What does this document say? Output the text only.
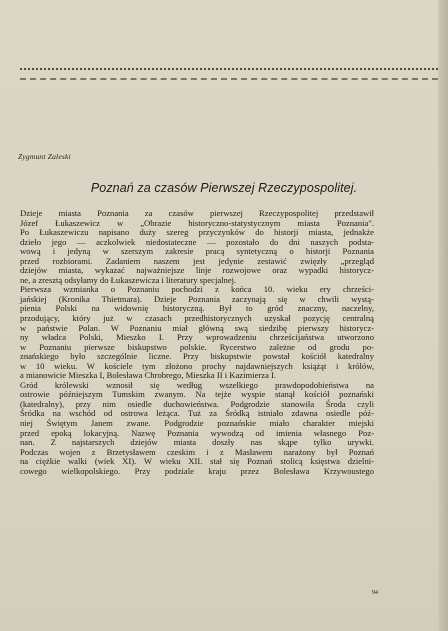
Zygmunt Zaleski
Poznań za czasów Pierwszej Rzeczypospolitej.
Dzieje miasta Poznania za czasów pierwszej Rzeczypospolitej przedstawił
Józef Łukaszewicz w „Obrazie historyczno-statystycznym miasta Poznania".
Po Łukaszewiczu napisano duży szereg przyczynków do historji miasta, jednakże
dzieło jego — aczkolwiek niedostateczne — pozostało do dni naszych podsta-
wową i jedyną w szerszym zakresie pracą syntetyczną o historji Poznania
przed rozbiorami. Zadaniem naszem jest jedynie zestawić zwięzły „przegląd
dziejów miasta, wykazać najważniejsze linje rozwojowe oraz wypadki historycz-
ne, a zresztą odsyłamy do Łukaszewicza i literatury specjalnej.
Pierwsza wzmianka o Poznaniu pochodzi z końca 10. wieku ery chrześci-
jańskiej (Kronika Thietmara). Dzieje Poznania zaczynają się w chwili wystą-
pienia Polski na widownię historyczną. Był to gród znaczny, naczelny,
przodujący, który już w czasach przedhistorycznych uzyskał pozycję centralną
w państwie Polan. W Poznaniu miał główną swą siedzibę pierwszy historycz-
ny władca Polski, Mieszko I. Przy wprowadzeniu chrześcijaństwa utworzono
w Poznaniu pierwsze biskupstwo polskie. Rycerstwo zależne od grodu po-
znańskiego było szczególnie liczne. Przy biskupstwie powstał kościół katedralny
w 10 wieku. W kościele tym złożono prochy najdawniejszych książąt i królów,
a mianowicie Mieszka I, Bolesława Chrobrego, Mieszka II i Kazimierza I.
Gród królewski wznosił się według wszelkiego prawdopodobieństwa na
ostrowie późniejszym Tumskim zwanym. Na tejże wyspie stanął kościół poznański
(katedralny), przy nim osiedle duchowieństwa. Podgrodzie stanowiła Środa czyli
Śródka na wschód od ostrowa leżąca. Tuż za Śródką istniało zdawna osiedle póź-
niej Świętym Janem zwane. Podgrodzie poznańskie miało charakter miejski
przed epoką lokacyjną. Nazwę Poznania wywodzą od imienia własnego Poz-
nan. Z najstarszych dziejów miasta doszły nas skąpe tylko urywki.
Podczas wojen z Brzetysławem czeskim i z Masławem narażony był Poznań
na ciężkie walki (wiek XI). W wieku XII. stał się Poznań stolicą księstwa dzielni-
cowego wielkopolskiego. Przy podziale kraju przez Bolesława Krzywoustego
94
